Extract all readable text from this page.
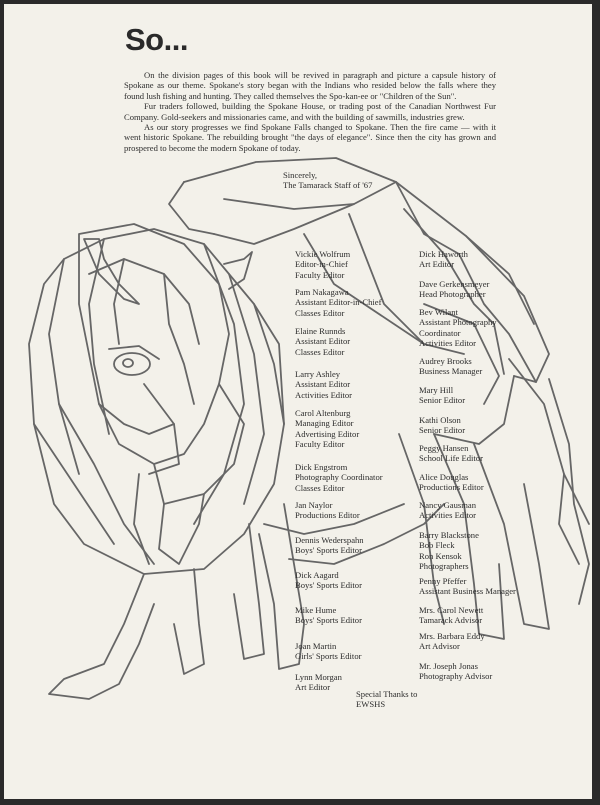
So...

On the division pages of this book will be revived in paragraph and picture a capsule history of Spokane as our theme. Spokane's story began with the Indians who resided below the falls where they found lush fishing and hunting. They called themselves the Spo-kan-ee or "Children of the Sun".

Fur traders followed, building the Spokane House, or trading post of the Canadian Northwest Fur Company. Gold-seekers and missionaries came, and with the building of sawmills, industries grew.

As our story progresses we find Spokane Falls changed to Spokane. Then the fire came — with it went historic Spokane. The rebuilding brought "the days of elegance". Since then the city has grown and prospered to become the modern Spokane of today.

Sincerely,
The Tamarack Staff of '67
Vickie Wolfrum
Editor-in-Chief
Faculty Editor
Pam Nakagawa
Assistant Editor-in-Chief
Classes Editor
Elaine Runnds
Assistant Editor
Classes Editor
Larry Ashley
Assistant Editor
Activities Editor
Carol Altenburg
Managing Editor
Advertising Editor
Faculty Editor
Dick Engstrom
Photography Coordinator
Classes Editor
Jan Naylor
Productions Editor
Dennis Wederspahn
Boys' Sports Editor
Dick Aagard
Boys' Sports Editor
Mike Hume
Boys' Sports Editor
Joan Martin
Girls' Sports Editor
Lynn Morgan
Art Editor
Dick Haworth
Art Editor
Dave Gerkensmeyer
Head Photographer
Bev Wilant
Assistant Photography
Coordinator
Activities Editor
Audrey Brooks
Business Manager
Mary Hill
Senior Editor
Kathi Olson
Senior Editor
Peggy Hansen
School Life Editor
Alice Douglas
Productions Editor
Nancy Gausman
Activities Editor
Barry Blackstone
Bob Fleck
Ron Kensok
Photographers
Penny Pfeffer
Assistant Business Manager
Mrs. Carol Newett
Tamarack Advisor
Mrs. Barbara Eddy
Art Advisor
Mr. Joseph Jonas
Photography Advisor
Special Thanks to
EWSHS
